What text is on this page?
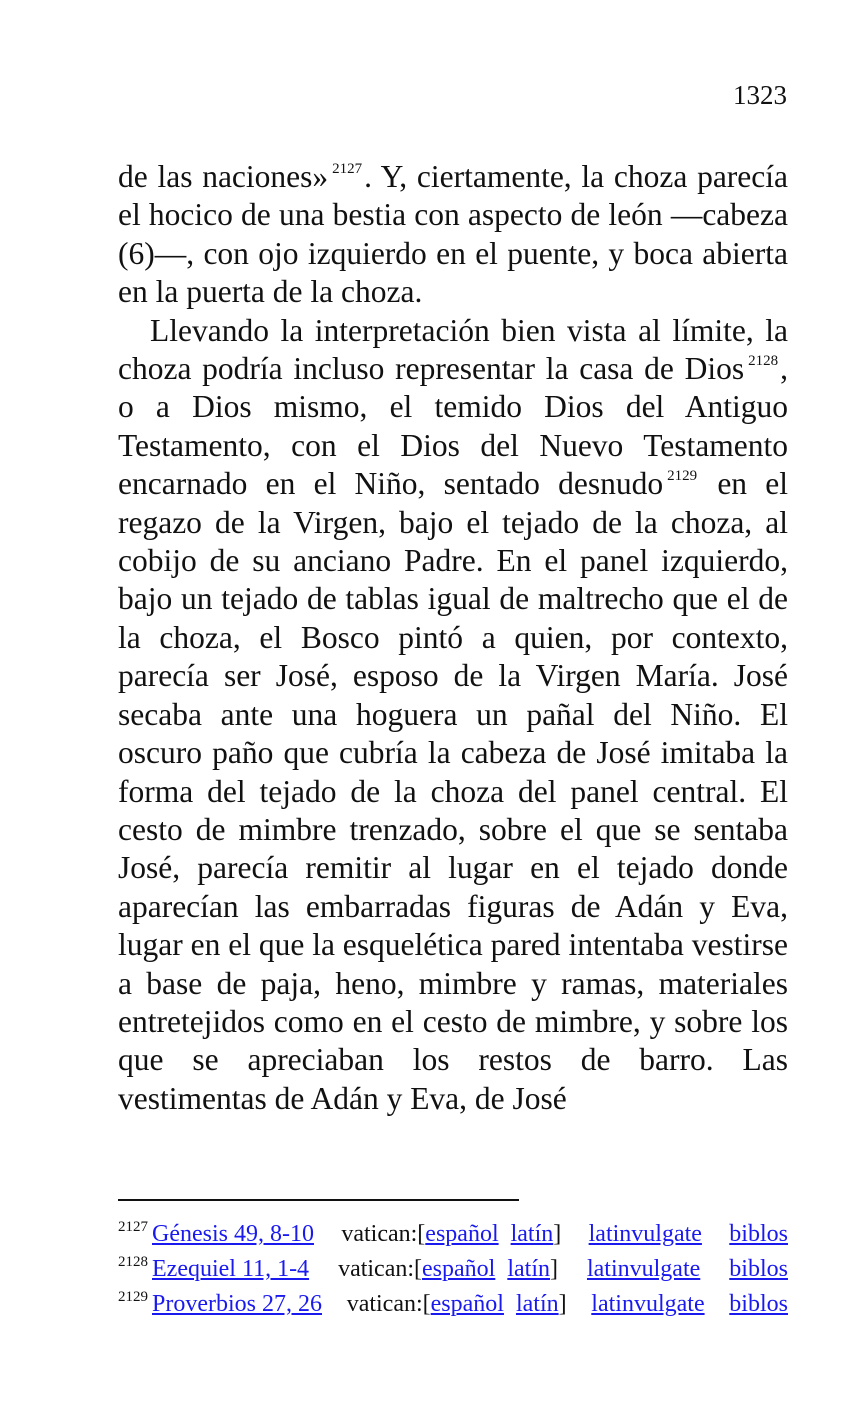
1323

de las naciones» $^{2127}$. Y, ciertamente, la choza parecía el hocico de una bestia con aspecto de león —cabeza (6)—, con ojo izquierdo en el puente, y boca abierta en la puerta de la choza.

Llevando la interpretación bien vista al límite, la choza podría incluso representar la casa de Dios $^{2128}$, o a Dios mismo, el temido Dios del Antiguo Testamento, con el Dios del Nuevo Testamento encarnado en el Niño, sentado desnudo $^{2129}$ en el regazo de la Virgen, bajo el tejado de la choza, al cobijo de su anciano Padre. En el panel izquierdo, bajo un tejado de tablas igual de maltrecho que el de la choza, el Bosco pintó a quien, por contexto, parecía ser José, esposo de la Virgen María. José secaba ante una hoguera un pañal del Niño. El oscuro paño que cubría la cabeza de José imitaba la forma del tejado de la choza del panel central. El cesto de mimbre trenzado, sobre el que se sentaba José, parecía remitir al lugar en el tejado donde aparecían las embarradas figuras de Adán y Eva, lugar en el que la esquelética pared intentaba vestirse a base de paja, heno, mimbre y ramas, materiales entretejidos como en el cesto de mimbre, y sobre los que se apreciaban los restos de barro. Las vestimentas de Adán y Eva, de José

2127 Génesis 49, 8-10 vatican:[español latín] latinvulgate biblos
2128 Ezequiel 11, 1-4 vatican:[español latín] latinvulgate biblos
2129 Proverbios 27, 26 vatican:[español latín] latinvulgate biblos
